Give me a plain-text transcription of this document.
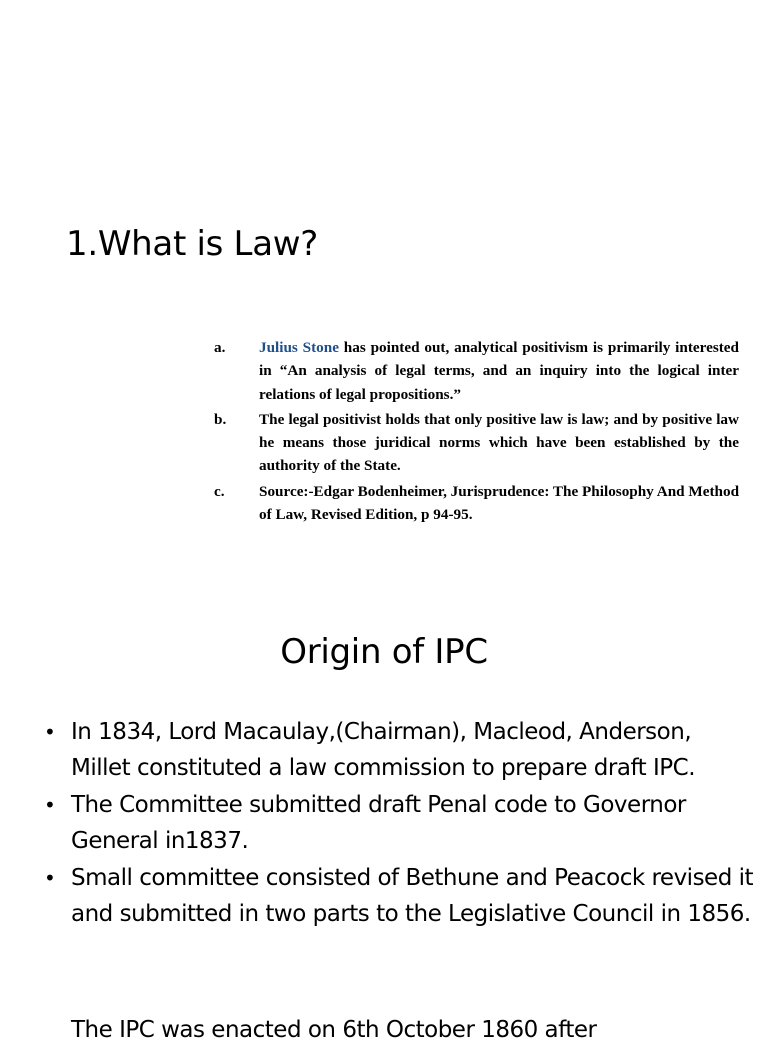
1.What is Law?
a.	Julius Stone has pointed out, analytical positivism is primarily interested in “An analysis of legal terms, and an inquiry into the logical inter relations of legal propositions.”
b.	The legal positivist holds that only positive law is law; and by positive law he means those juridical norms which have been established by the authority of the State.
c.	Source:-Edgar Bodenheimer, Jurisprudence: The Philosophy And Method of Law, Revised Edition, p 94-95.
Origin of IPC
• In 1834, Lord Macaulay,(Chairman), Macleod, Anderson, Millet constituted a law commission to prepare draft IPC.
• The Committee submitted draft Penal code to Governor General in1837.
• Small committee consisted of Bethune and Peacock revised it and submitted in two parts to the Legislative Council in 1856.

The IPC was enacted on 6th October 1860 after
